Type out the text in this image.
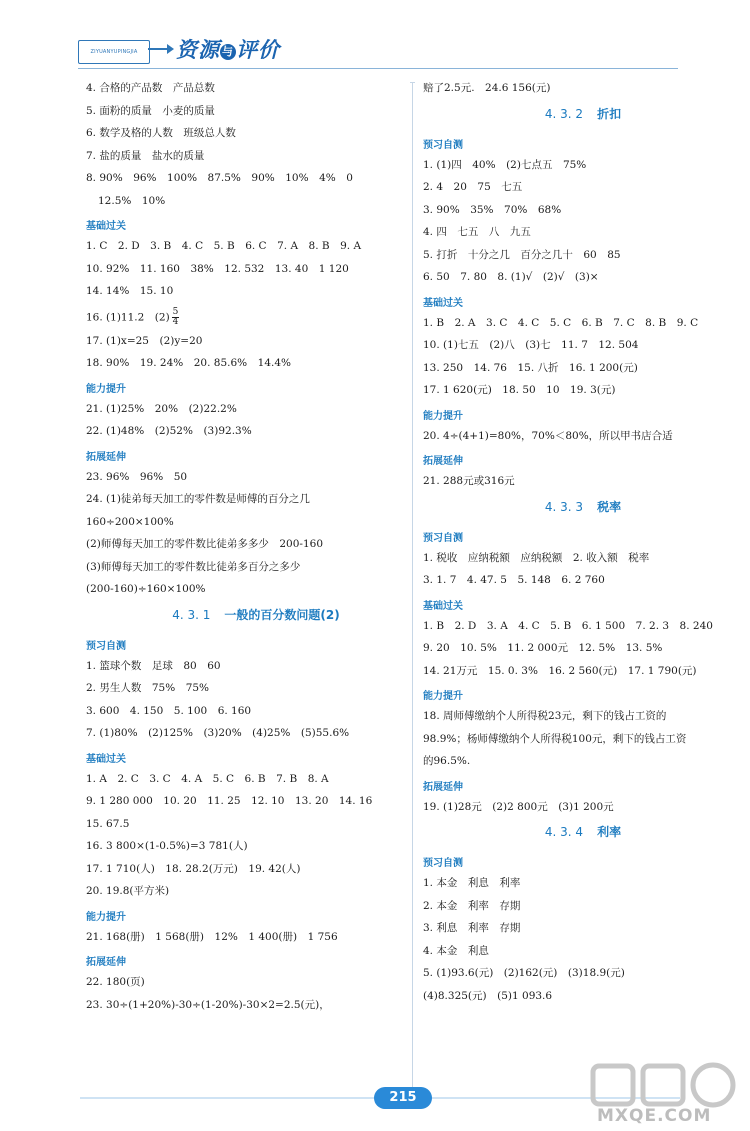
ZIYUANYUPINGJIA 资源 与评价

4. 合格的产品数　产品总数

5. 面粉的质量　小麦的质量

6. 数学及格的人数　班级总人数

7. 盐的质量　盐水的质量

8. 90%　96%　100%　87.5%　90%　10%　4%　0

12.5%　10%

基础过关

1. C　2. D　3. B　4. C　5. B　6. C　7. A　8. B　9. A

10. 92%　11. 160　38%　12. 532　13. 40　1 120

14. 14%　15. 10

16. (1)11.2　$(2) \frac{5}{4}$

17. (1)x=25　(2)y=20

18. 90%　19. 24%　20. 85.6%　14.4%

能力提升

21. (1)25%　20%　(2)22.2%

22. (1)48%　(2)52%　(3)92.3%

拓展延伸

23. 96%　96%　50

24. (1)徒弟每天加工的零件数是师傅的百分之几

160÷200×100%

(2)师傅每天加工的零件数比徒弟多多少　200-160

(3)师傅每天加工的零件数比徒弟多百分之多少

(200-160)÷160×100%

4. 3. 1 一般的百分数问题(2)

预习自测

1. 篮球个数　足球　80　60

2. 男生人数　75%　75%

3. 600　4. 150　5. 100　6. 160

7. (1)80%　(2)125%　(3)20%　(4)25%　(5)55.6%

基础过关

1. A　2. C　3. C　4. A　5. C　6. B　7. B　8. A

9. 1 280 000　10. 20　11. 25　12. 10　13. 20　14. 16

15. 67.5

16. 3 800×(1-0.5%)=3 781(人)

17. 1 710(人)　18. 28.2(万元)　19. 42(人)

20. 19.8(平方米)

能力提升

21. 168(册)　1 568(册)　12%　1 400(册)　1 756

拓展延伸

22. 180(页)

23. 30÷(1+20%)-30÷(1-20%)-30×2=2.5(元)，

赔了2.5元.　24.6 156(元)

4. 3. 2 折扣

预习自测

1. (1)四　40%　(2)七点五　75%

2. 4　20　75　七五

3. 90%　35%　70%　68%

4. 四　七五　八　九五

5. 打折　十分之几　百分之几十　60　85

6. 50　7. 80　8. (1)√　(2)√　(3)×

基础过关

1. B　2. A　3. C　4. C　5. C　6. B　7. C　8. B　9. C

10. (1)七五　(2)八　(3)七　11. 7　12. 504

13. 250　14. 76　15. 八折　16. 1 200(元)

17. 1 620(元)　18. 50　10　19. 3(元)

能力提升

20. 4÷(4+1)=80%，70%＜80%，所以甲书店合适

拓展延伸

21. 288元或316元

4. 3. 3 税率

预习自测

1. 税收　应纳税额　应纳税额　2. 收入额　税率

3. 1. 7　4. 47. 5　5. 148　6. 2 760

基础过关

1. B　2. D　3. A　4. C　5. B　6. 1 500　7. 2. 3　8. 240

9. 20　10. 5%　11. 2 000元　12. 5%　13. 5%

14. 21万元　15. 0. 3%　16. 2 560(元)　17. 1 790(元)

能力提升

18. 周师傅缴纳个人所得税23元，剩下的钱占工资的

98.9%；杨师傅缴纳个人所得税100元，剩下的钱占工资

的96.5%.

拓展延伸

19. (1)28元　(2)2 800元　(3)1 200元

4. 3. 4 利率

预习自测

1. 本金　利息　利率

2. 本金　利率　存期

3. 利息　利率　存期

4. 本金　利息

5. (1)93.6(元)　(2)162(元)　(3)18.9(元)

(4)8.325(元)　(5)1 093.6

215
MXQE.COM
